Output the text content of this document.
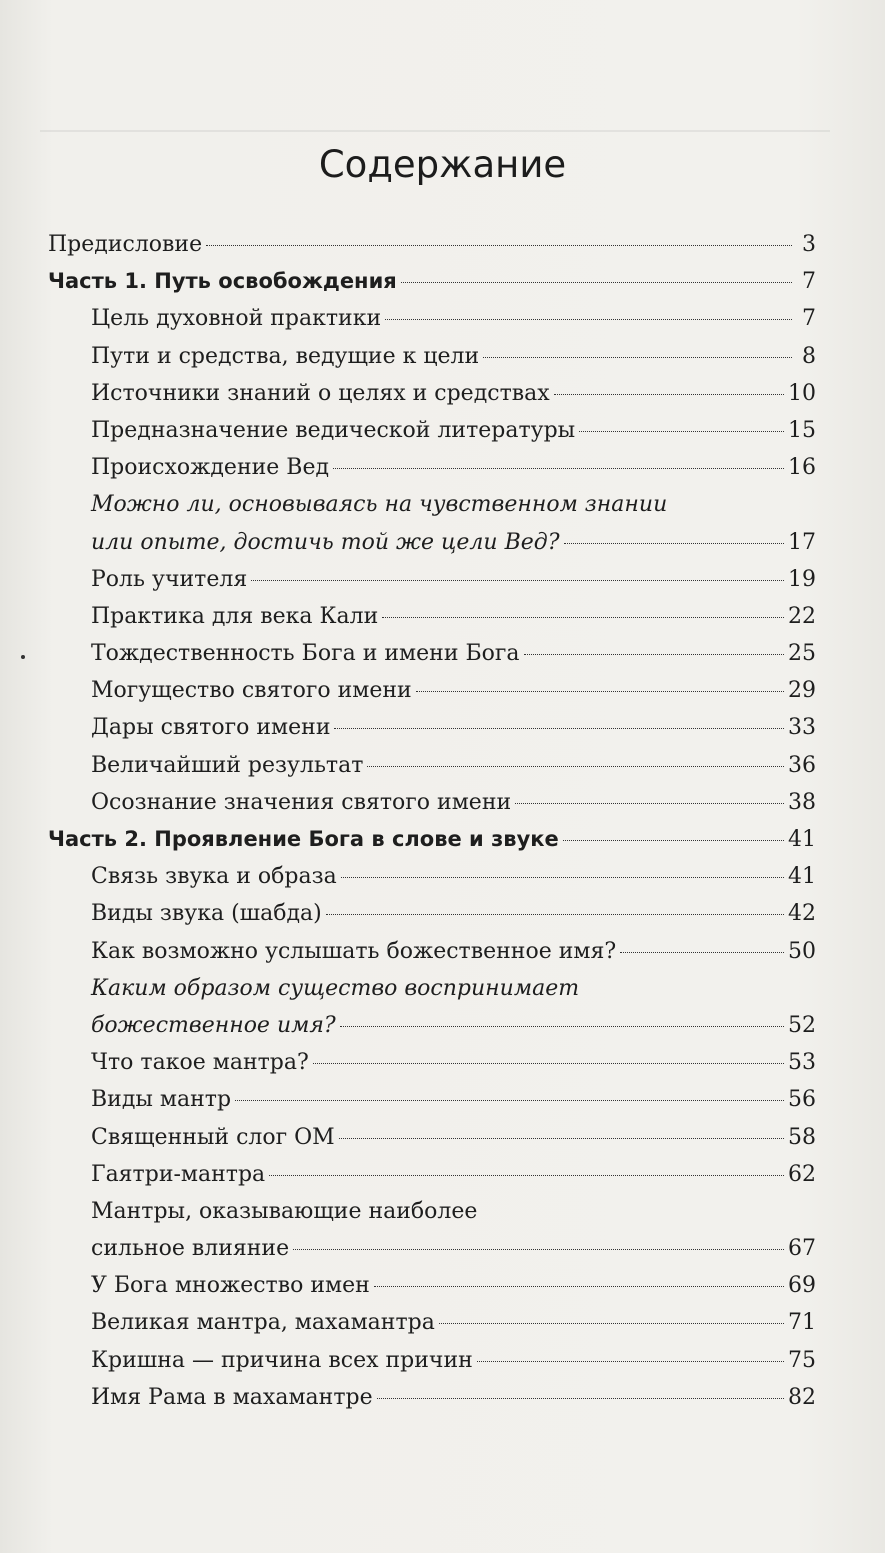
Содержание
Предисловие	3
Часть 1. Путь освобождения	7
Цель духовной практики	7
Пути и средства, ведущие к цели	8
Источники знаний о целях и средствах	10
Предназначение ведической литературы	15
Происхождение Вед	16
Можно ли, основываясь на чувственном знании
или опыте, достичь той же цели Вед?	17
Роль учителя	19
Практика для века Кали	22
Тождественность Бога и имени Бога	25
Могущество святого имени	29
Дары святого имени	33
Величайший результат	36
Осознание значения святого имени	38
Часть 2. Проявление Бога в слове и звуке	41
Связь звука и образа	41
Виды звука (шабда)	42
Как возможно услышать божественное имя?	50
Каким образом существо воспринимает
божественное имя?	52
Что такое мантра?	53
Виды мантр	56
Священный слог ОМ	58
Гаятри-мантра	62
Мантры, оказывающие наиболее
сильное влияние	67
У Бога множество имен	69
Великая мантра, махамантра	71
Кришна — причина всех причин	75
Имя Рама в махамантре	82
